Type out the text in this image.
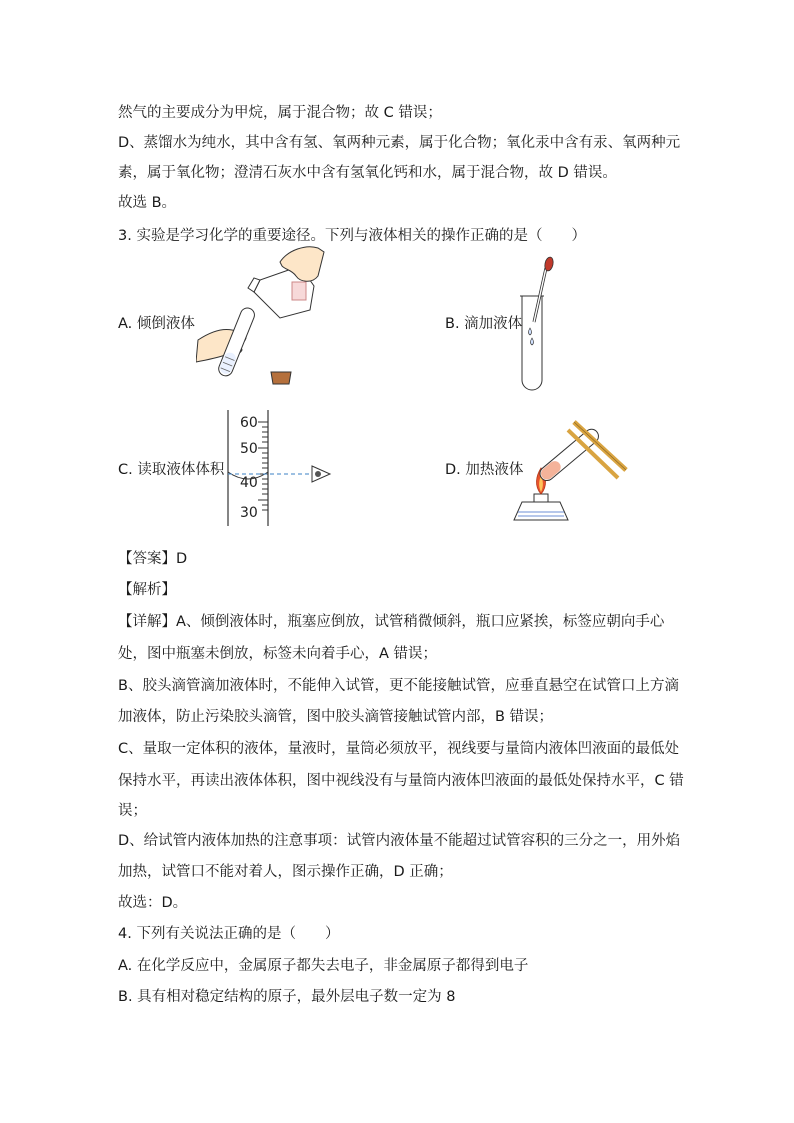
然气的主要成分为甲烷，属于混合物；故 C 错误；
D、蒸馏水为纯水，其中含有氢、氧两种元素，属于化合物；氧化汞中含有汞、氧两种元
素，属于氧化物；澄清石灰水中含有氢氧化钙和水，属于混合物，故 D 错误。
故选 B。
3. 实验是学习化学的重要途径。下列与液体相关的操作正确的是（　　）
A. 倾倒液体	B. 滴加液体
C. 读取液体体积	D. 加热液体
60
50
40
30
【答案】D
【解析】
【详解】A、倾倒液体时，瓶塞应倒放，试管稍微倾斜，瓶口应紧挨，标签应朝向手心
处，图中瓶塞未倒放，标签未向着手心，A 错误；
B、胶头滴管滴加液体时，不能伸入试管，更不能接触试管，应垂直悬空在试管口上方滴
加液体，防止污染胶头滴管，图中胶头滴管接触试管内部，B 错误；
C、量取一定体积的液体，量液时，量筒必须放平，视线要与量筒内液体凹液面的最低处
保持水平，再读出液体体积，图中视线没有与量筒内液体凹液面的最低处保持水平，C 错
误；
D、给试管内液体加热的注意事项：试管内液体量不能超过试管容积的三分之一，用外焰
加热，试管口不能对着人，图示操作正确，D 正确；
故选：D。
4. 下列有关说法正确的是（　　）
A. 在化学反应中，金属原子都失去电子，非金属原子都得到电子
B. 具有相对稳定结构的原子，最外层电子数一定为 8
